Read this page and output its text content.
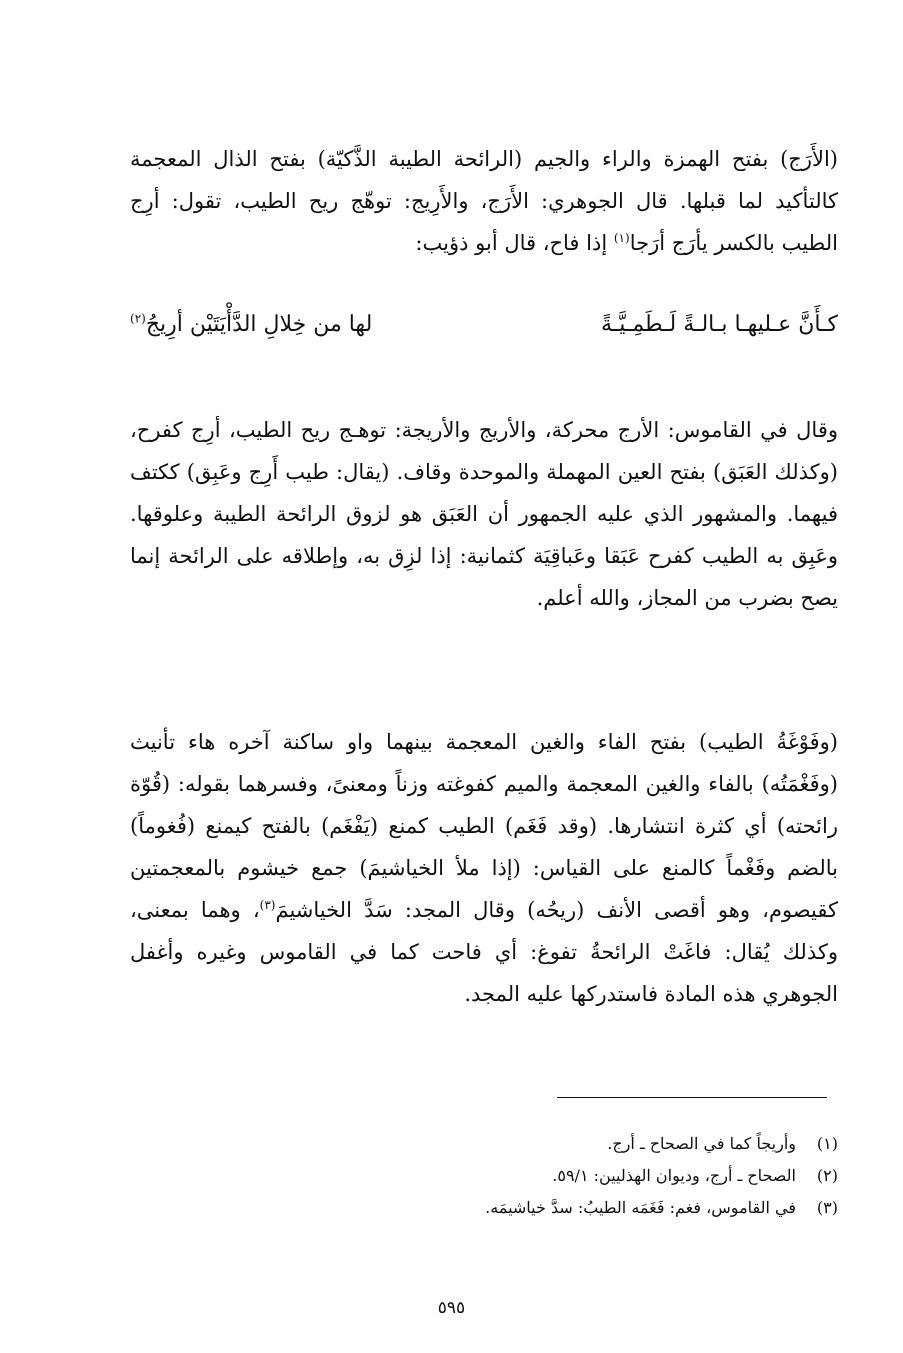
(الأَرَج) بفتح الهمزة والراء والجيم (الرائحة الطيبة الذَّكيّة) بفتح الذال المعجمة كالتأكيد لما قبلها. قال الجوهري: الأَرَج، والأَرِيج: توهّج ريح الطيب، تقول: أرِج الطيب بالكسر يأرَج أرَجا$^{(١)}$ إذا فاح، قال أبو ذؤيب:

كـأَنَّ عـليهـا بـالـةً لَـطَمِـيَّـةً
لها من خِلالِ الدَّأْيَتَيْن أرِيجُ$^{(٢)}$

وقال في القاموس: الأرج محركة، والأريج والأريجة: توهـج ريح الطيب، أرِج كفرح، (وكذلك العَبَق) بفتح العين المهملة والموحدة وقاف. (يقال: طيب أَرِج وعَبِق) ككتف فيهما. والمشهور الذي عليه الجمهور أن العَبَق هو لزوق الرائحة الطيبة وعلوقها. وعَبِق به الطيب كفرح عَبَقا وعَباقِيَة كثمانية: إذا لزِق به، وإطلاقه على الرائحة إنما يصح بضرب من المجاز، والله أعلم.

(وفَوْغَةُ الطيب) بفتح الفاء والغين المعجمة بينهما واو ساكنة آخره هاء تأنيث (وفَغْمَتُه) بالفاء والغين المعجمة والميم كفوغته وزناً ومعنىً، وفسرهما بقوله: (قُوّة رائحته) أي كثرة انتشارها. (وقد فَغَم) الطيب كمنع (يَفْغَم) بالفتح كيمنع (فُغوماً) بالضم وفَغْماً كالمنع على القياس: (إذا ملأ الخياشيمَ) جمع خيشوم بالمعجمتين كقيصوم، وهو أقصى الأنف (ريحُه) وقال المجد: سَدَّ الخياشيمَ$^{(٣)}$، وهما بمعنى، وكذلك يُقال: فاغَتْ الرائحةُ تفوغ: أي فاحت كما في القاموس وغيره وأغفل الجوهري هذه المادة فاستدركها عليه المجد.

(١)
وأريجاً كما في الصحاح ـ أرج.
(٢)
الصحاح ـ أرج، وديوان الهذليين: ٥٩/١.
(٣)
في القاموس، فغم: فَغَمَه الطيبُ: سدَّ خياشيمَه.
٥٩٥
